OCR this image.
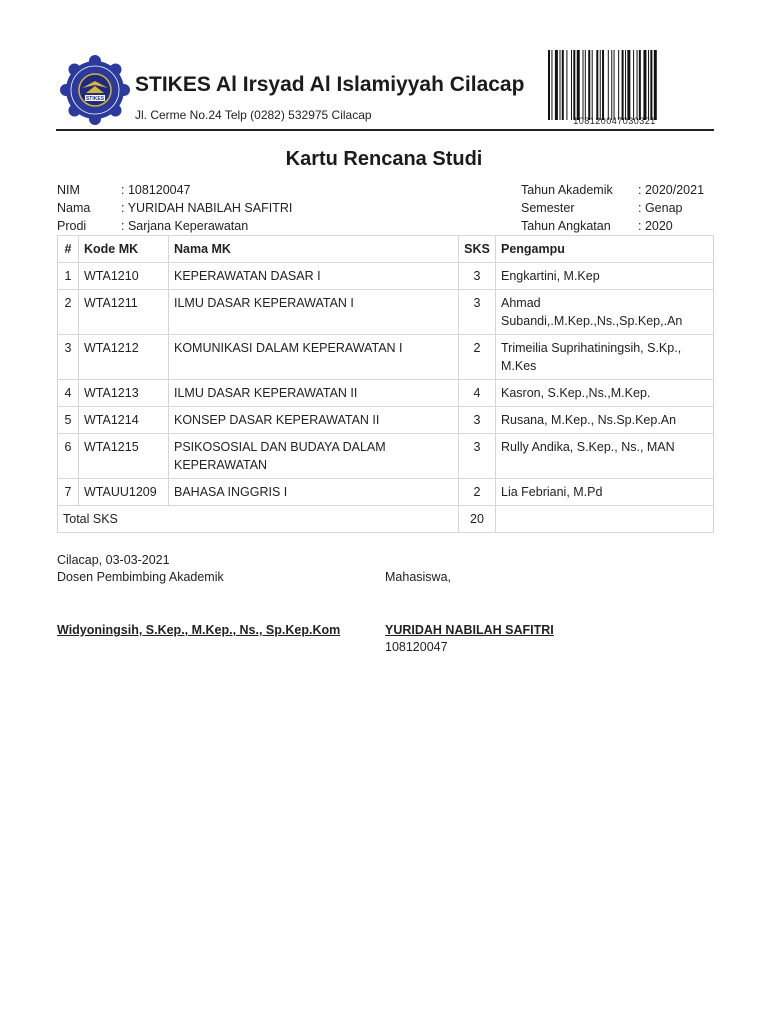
STIKES
STIKES Al Irsyad Al Islamiyyah Cilacap
Jl. Cerme No.24 Telp (0282) 532975 Cilacap	108120047030321
Kartu Rencana Studi
NIM	: 108120047
Nama : YURIDAH NABILAH SAFITRI
Prodi	: Sarjana Keperawatan
Tahun Akademik : 2020/2021
Semester	: Genap
Tahun Angkatan : 2020
#	Kode MK	Nama MK	SKS	Pengampu
1	WTA1210	KEPERAWATAN DASAR I	3	Engkartini, M.Kep
2	WTA1211	ILMU DASAR KEPERAWATAN I	3	Ahmad Subandi,.M.Kep.,Ns.,Sp.Kep,.An
3	WTA1212	KOMUNIKASI DALAM KEPERAWATAN I	2	Trimeilia Suprihatiningsih, S.Kp., M.Kes
4	WTA1213	ILMU DASAR KEPERAWATAN II	4	Kasron, S.Kep.,Ns.,M.Kep.
5	WTA1214	KONSEP DASAR KEPERAWATAN II	3	Rusana, M.Kep., Ns.Sp.Kep.An
6	WTA1215	PSIKOSOSIAL DAN BUDAYA DALAM KEPERAWATAN	3	Rully Andika, S.Kep., Ns., MAN
7	WTAUU1209	BAHASA INGGRIS I	2	Lia Febriani, M.Pd
Total SKS			20	
Cilacap, 03-03-2021
Dosen Pembimbing Akademik	Mahasiswa,
Widyoningsih, S.Kep., M.Kep., Ns., Sp.Kep.Kom	YURIDAH NABILAH SAFITRI
108120047
